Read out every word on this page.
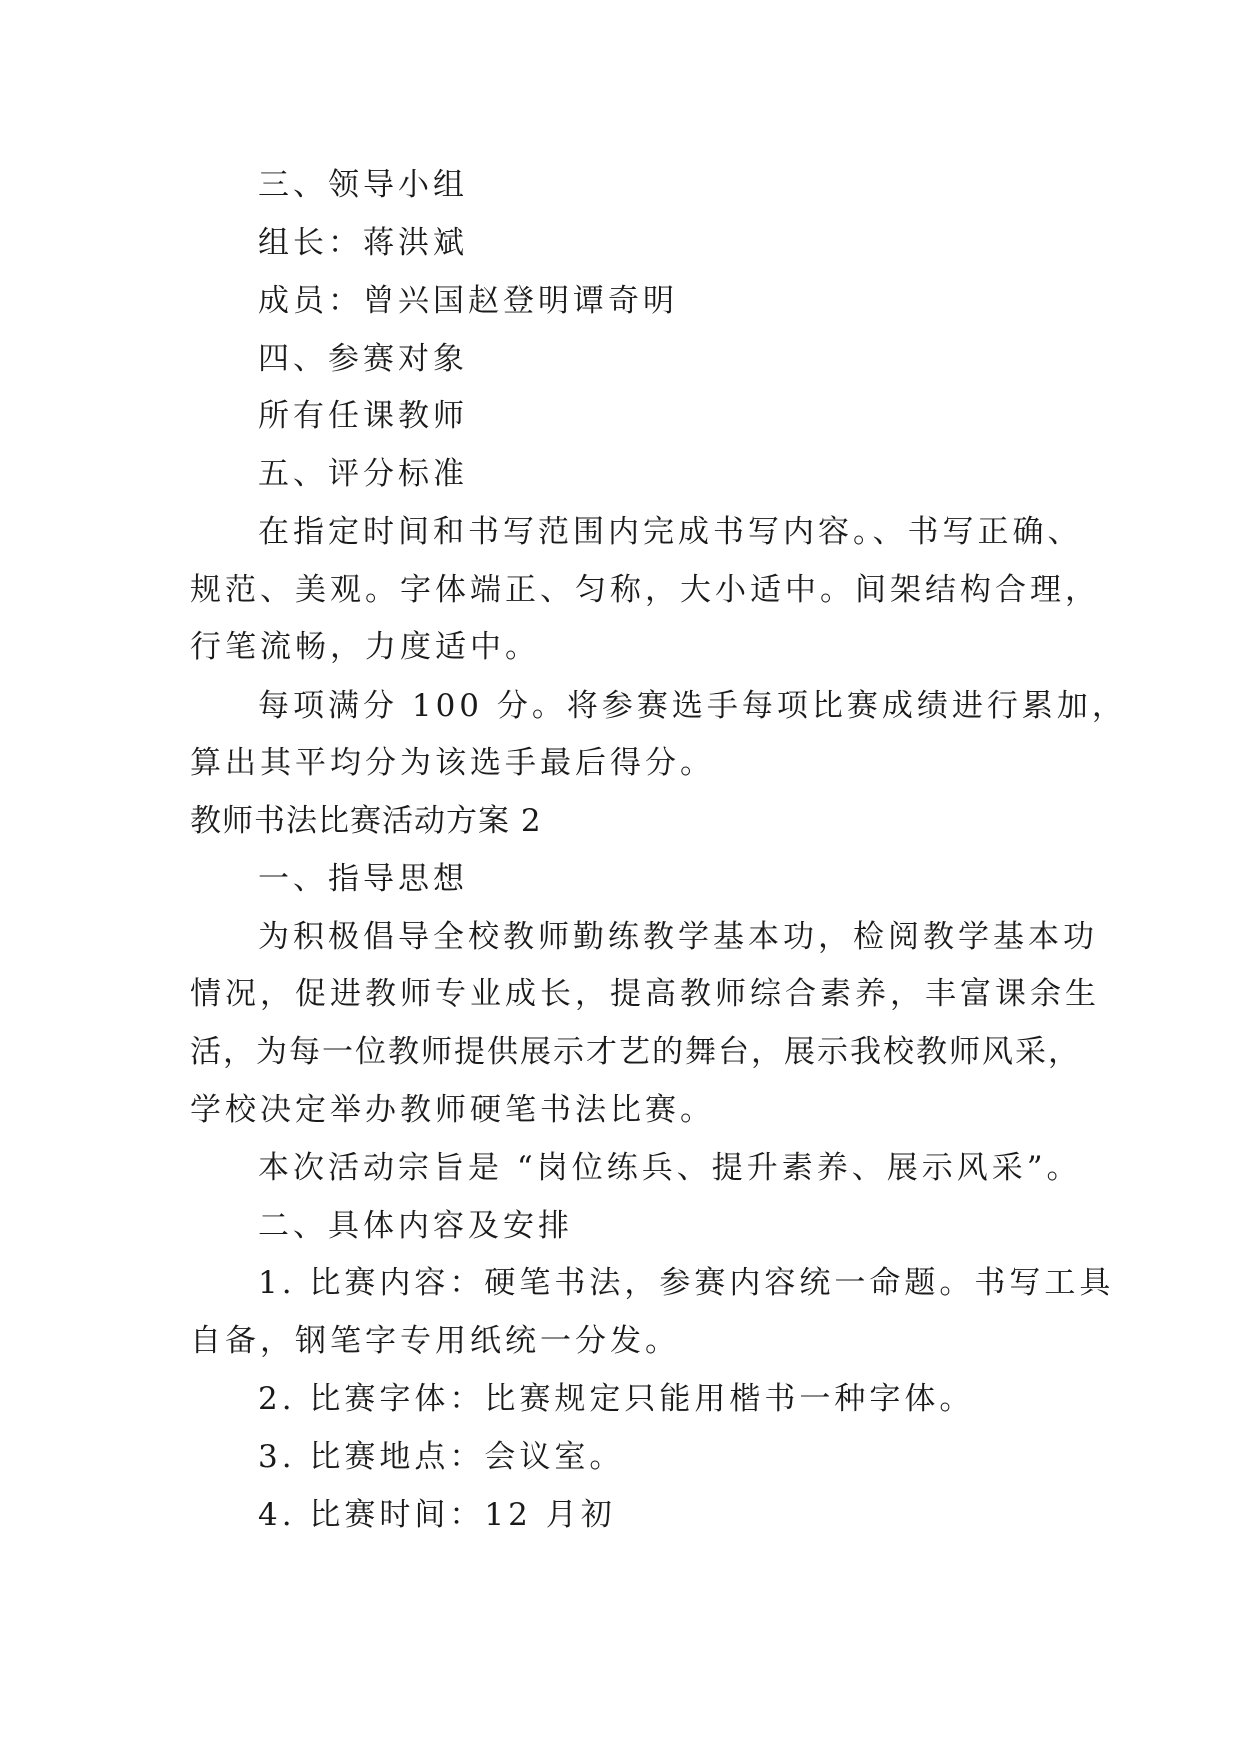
三、领导小组
组长：蒋洪斌
成员：曾兴国赵登明谭奇明
四、参赛对象
所有任课教师
五、评分标准
在指定时间和书写范围内完成书写内容。、书写正确、
规范、美观。字体端正、匀称，大小适中。间架结构合理，
行笔流畅，力度适中。
每项满分 100 分。将参赛选手每项比赛成绩进行累加，
算出其平均分为该选手最后得分。
教师书法比赛活动方案 2
一、指导思想
为积极倡导全校教师勤练教学基本功，检阅教学基本功
情况，促进教师专业成长，提高教师综合素养，丰富课余生
活，为每一位教师提供展示才艺的舞台，展示我校教师风采，
学校决定举办教师硬笔书法比赛。
本次活动宗旨是 “岗位练兵、提升素养、展示风采”。
二、具体内容及安排
1. 比赛内容：硬笔书法，参赛内容统一命题。书写工具
自备，钢笔字专用纸统一分发。
2. 比赛字体：比赛规定只能用楷书一种字体。
3. 比赛地点：会议室。
4. 比赛时间：12 月初
